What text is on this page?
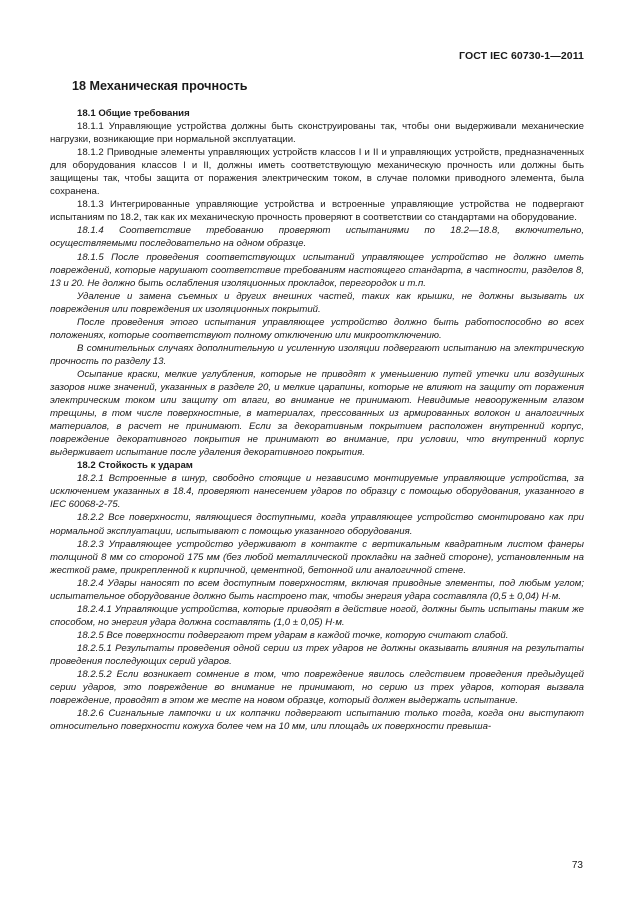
ГОСТ IEC 60730-1—2011
18 Механическая прочность
18.1 Общие требования

18.1.1 Управляющие устройства должны быть сконструированы так, чтобы они выдерживали механические нагрузки, возникающие при нормальной эксплуатации.

18.1.2 Приводные элементы управляющих устройств классов I и II и управляющих устройств, предназначенных для оборудования классов I и II, должны иметь соответствующую механическую прочность или должны быть защищены так, чтобы защита от поражения электрическим током, в случае поломки приводного элемента, была сохранена.

18.1.3 Интегрированные управляющие устройства и встроенные управляющие устройства не подвергают испытаниям по 18.2, так как их механическую прочность проверяют в соответствии со стандартами на оборудование.

18.1.4 Соответствие требованию проверяют испытаниями по 18.2—18.8, включительно, осуществляемыми последовательно на одном образце.

18.1.5 После проведения соответствующих испытаний управляющее устройство не должно иметь повреждений, которые нарушают соответствие требованиям настоящего стандарта, в частности, разделов 8, 13 и 20. Не должно быть ослабления изоляционных прокладок, перегородок и т.п.

Удаление и замена съемных и других внешних частей, таких как крышки, не должны вызывать их повреждения или повреждения их изоляционных покрытий.

После проведения этого испытания управляющее устройство должно быть работоспособно во всех положениях, которые соответствуют полному отключению или микроотключению.

В сомнительных случаях дополнительную и усиленную изоляции подвергают испытанию на электрическую прочность по разделу 13.

Осыпание краски, мелкие углубления, которые не приводят к уменьшению путей утечки или воздушных зазоров ниже значений, указанных в разделе 20, и мелкие царапины, которые не влияют на защиту от поражения электрическим током или защиту от влаги, во внимание не принимают. Невидимые невооруженным глазом трещины, в том числе поверхностные, в материалах, прессованных из армированных волокон и аналогичных материалов, в расчет не принимают. Если за декоративным покрытием расположен внутренний корпус, повреждение декоративного покрытия не принимают во внимание, при условии, что внутренний корпус выдерживает испытание после удаления декоративного покрытия.

18.2 Стойкость к ударам

18.2.1 Встроенные в шнур, свободно стоящие и независимо монтируемые управляющие устройства, за исключением указанных в 18.4, проверяют нанесением ударов по образцу с помощью оборудования, указанного в IEC 60068-2-75.

18.2.2 Все поверхности, являющиеся доступными, когда управляющее устройство смонтировано как при нормальной эксплуатации, испытывают с помощью указанного оборудования.

18.2.3 Управляющее устройство удерживают в контакте с вертикальным квадратным листом фанеры толщиной 8 мм со стороной 175 мм (без любой металлической прокладки на задней стороне), установленным на жесткой раме, прикрепленной к кирпичной, цементной, бетонной или аналогичной стене.

18.2.4 Удары наносят по всем доступным поверхностям, включая приводные элементы, под любым углом; испытательное оборудование должно быть настроено так, чтобы энергия удара составляла (0,5 ± 0,04) Н·м.

18.2.4.1 Управляющие устройства, которые приводят в действие ногой, должны быть испытаны таким же способом, но энергия удара должна составлять (1,0 ± 0,05) Н·м.

18.2.5 Все поверхности подвергают трем ударам в каждой точке, которую считают слабой.

18.2.5.1 Результаты проведения одной серии из трех ударов не должны оказывать влияния на результаты проведения последующих серий ударов.

18.2.5.2 Если возникает сомнение в том, что повреждение явилось следствием проведения предыдущей серии ударов, это повреждение во внимание не принимают, но серию из трех ударов, которая вызвала повреждение, проводят в этом же месте на новом образце, который должен выдержать испытание.

18.2.6 Сигнальные лампочки и их колпачки подвергают испытанию только тогда, когда они выступают относительно поверхности кожуха более чем на 10 мм, или площадь их поверхности превыша-

73
